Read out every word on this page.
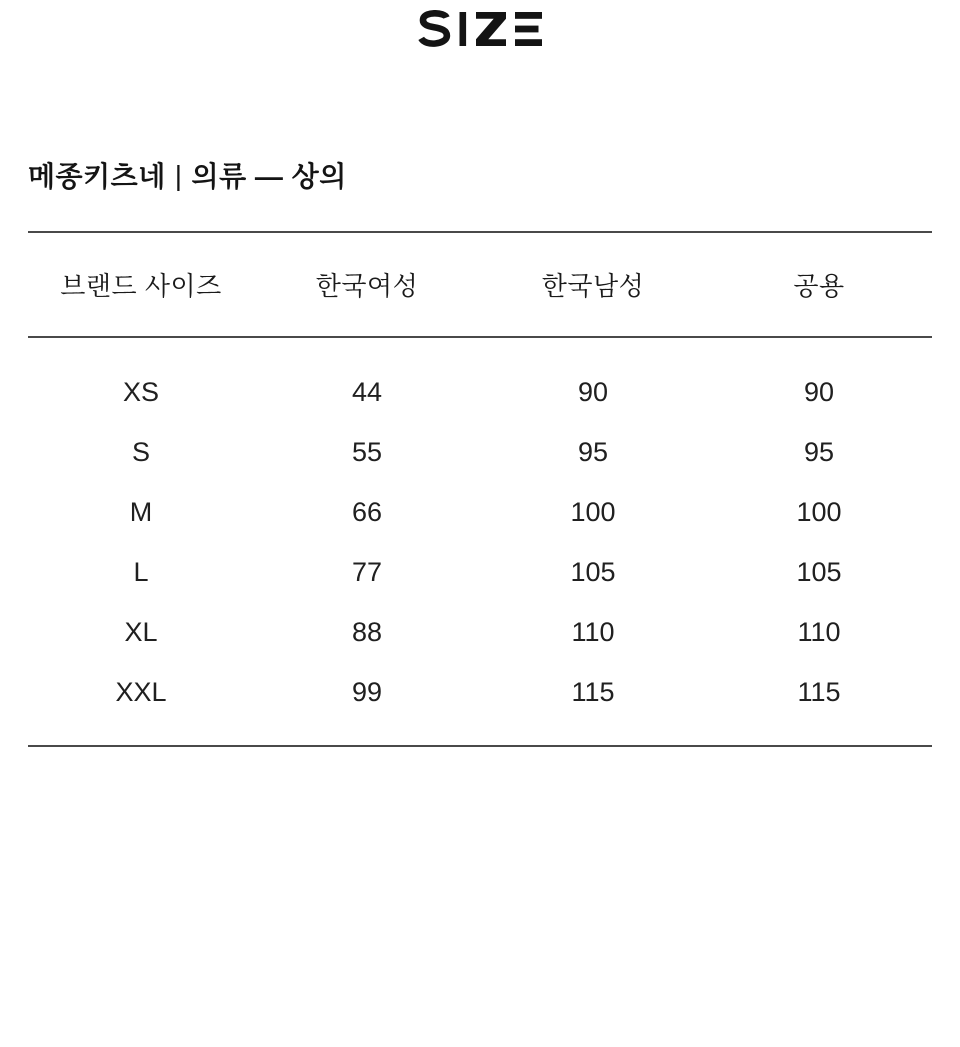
메종키츠네 | 의류 — 상의
브랜드 사이즈	한국여성	한국남성	공용
XS	44	90	90
S	55	95	95
M	66	100	100
L	77	105	105
XL	88	110	110
XXL	99	115	115
